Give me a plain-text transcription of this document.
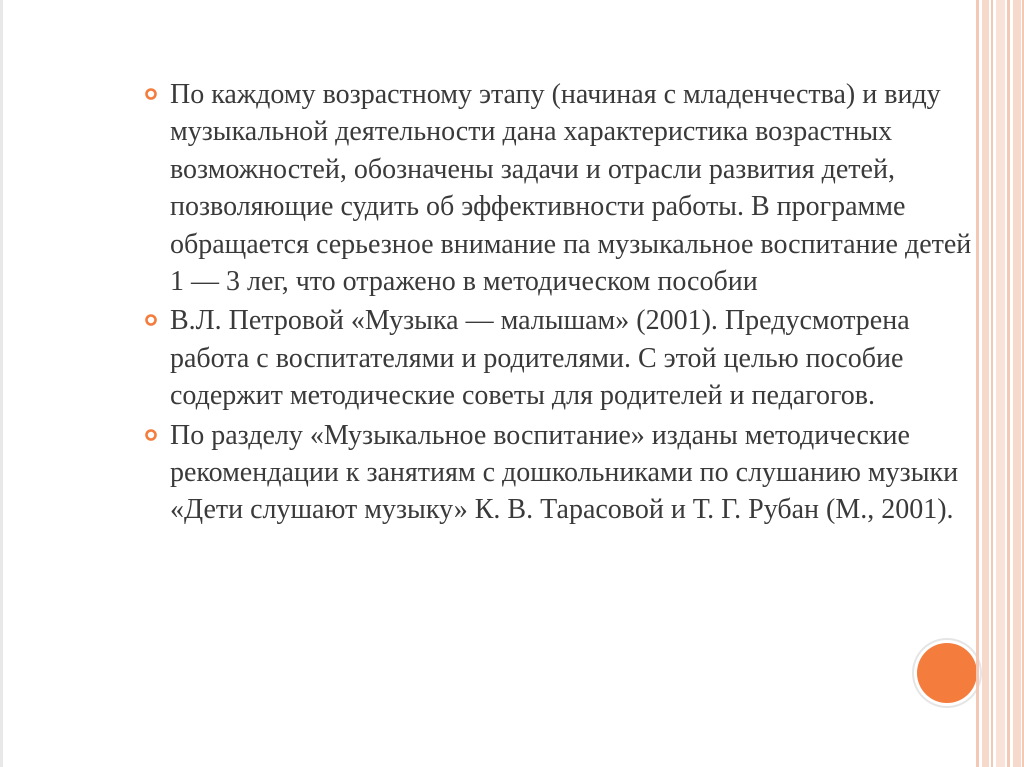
По каждому возрастному этапу (начиная с младенчества) и виду музыкальной деятельности дана характеристика возрастных возможностей, обозначены задачи и отрасли развития детей, позволяющие судить об эффективности работы. В программе обращается серьезное внимание па музыкальное воспитание детей 1 — 3 лег, что отражено в методическом пособии
В.Л. Петровой «Музыка — малышам» (2001). Предусмотрена работа с воспитателями и родителями. С этой целью пособие содержит методические советы для родителей и педагогов.
По разделу «Музыкальное воспитание» изданы методические рекомендации к занятиям с дошкольниками по слушанию музыки «Дети слушают музыку» К. В. Тарасовой и Т. Г. Рубан (М., 2001).
